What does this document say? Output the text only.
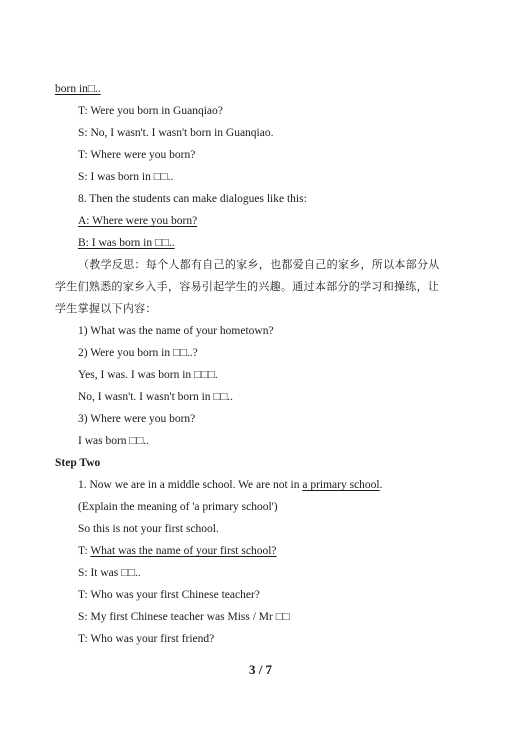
born in□..
T: Were you born in Guanqiao?
S: No, I wasn't. I wasn't born in Guanqiao.
T: Where were you born?
S: I was born in □□..
8. Then the students can make dialogues like this:
A: Where were you born?
B: I was born in □□..
（教学反思：每个人都有自己的家乡，也都爱自己的家乡，所以本部分从
学生们熟悉的家乡入手，容易引起学生的兴趣。通过本部分的学习和操练，让
学生掌握以下内容：
1) What was the name of your hometown?
2) Were you born in □□..?
Yes, I was. I was born in □□□.
No, I wasn't. I wasn't born in □□..
3) Where were you born?
I was born □□..
Step Two
1. Now we are in a middle school. We are not in a primary school.
(Explain the meaning of 'a primary school')
So this is not your first school.
T: What was the name of your first school?
S: It was □□..
T: Who was your first Chinese teacher?
S: My first Chinese teacher was Miss / Mr □□
T: Who was your first friend?
3 / 7
